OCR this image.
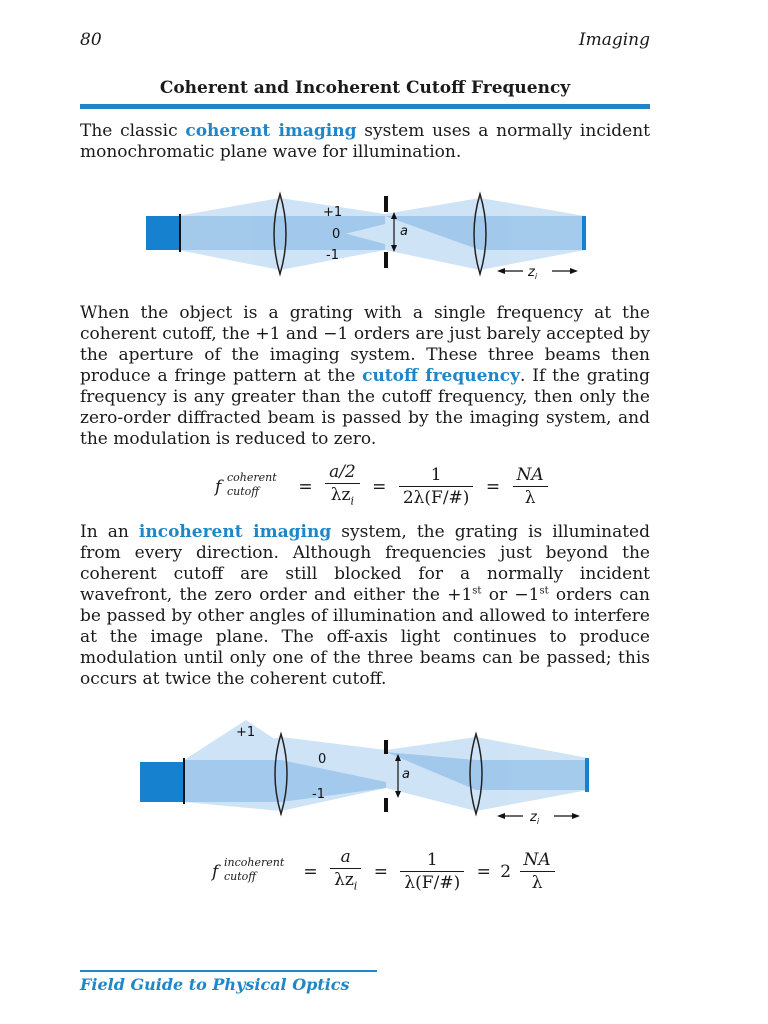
80	Imaging
Coherent and Incoherent Cutoff Frequency
The classic coherent imaging system uses a normally incident monochromatic plane wave for illumination.
+1
0
-1
a
$z_i$
When the object is a grating with a single frequency at the coherent cutoff, the +1 and −1 orders are just barely accepted by the aperture of the imaging system. These three beams then produce a fringe pattern at the cutoff frequency. If the grating frequency is any greater than the cutoff frequency, then only the zero-order diffracted beam is passed by the imaging system, and the modulation is reduced to zero.
f coherent
cutoff = $\frac{a/2}{\lambda z_i} = \frac{1}{2\lambda(F/\#)} = \frac{NA}{\lambda}$
In an incoherent imaging system, the grating is illuminated from every direction. Although frequencies just beyond the coherent cutoff are still blocked for a normally incident wavefront, the zero order and either the +1st or −1st orders can be passed by other angles of illumination and allowed to interfere at the image plane. The off-axis light continues to produce modulation until only one of the three beams can be passed; this occurs at twice the coherent cutoff.
+1
0
-1
a
$z_i$
f incoherent
cutoff	= $\frac{a}{\lambda z_i} = \frac{1}{\lambda(F/\#)} = 2 \frac{NA}{\lambda}$
Field Guide to Physical Optics
